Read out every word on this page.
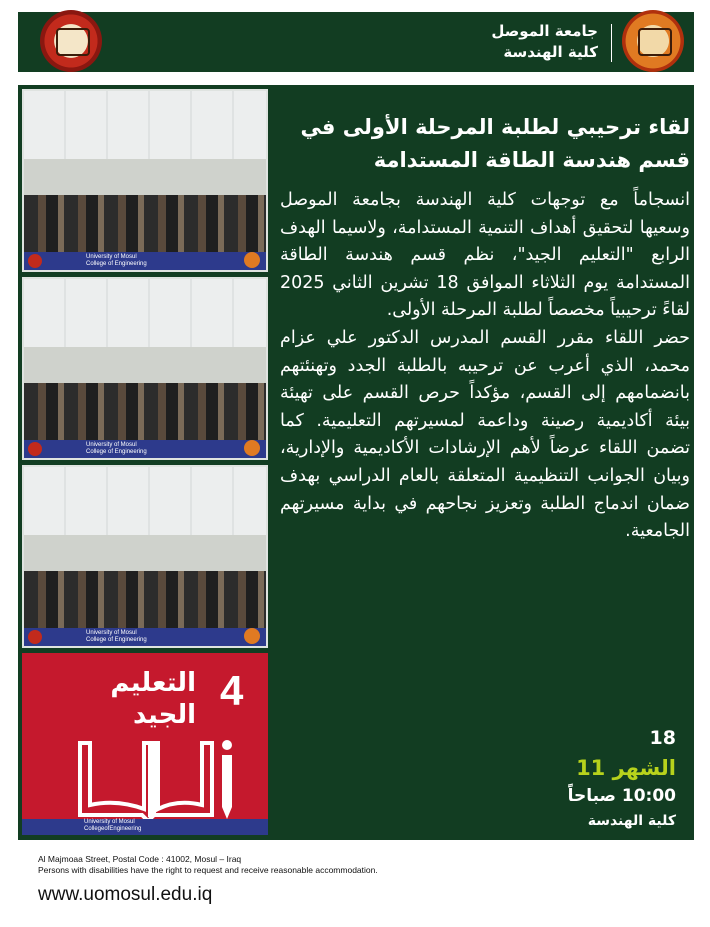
جامعة الموصل
كلية الهندسة
University of Mosul
College of Engineering
University of Mosul
College of Engineering
University of Mosul
College of Engineering
4
التعليم
الجيد
University of Mosul
CollegeofEngineering

لقاء ترحيبي لطلبة المرحلة الأولى في قسم هندسة الطاقة المستدامة

انسجاماً مع توجهات كلية الهندسة بجامعة الموصل وسعيها لتحقيق أهداف التنمية المستدامة، ولاسيما الهدف الرابع "التعليم الجيد"، نظم قسم هندسة الطاقة المستدامة يوم الثلاثاء الموافق 18 تشرين الثاني 2025 لقاءً ترحيبياً مخصصاً لطلبة المرحلة الأولى.

حضر اللقاء مقرر القسم المدرس الدكتور علي عزام محمد، الذي أعرب عن ترحيبه بالطلبة الجدد وتهنئتهم بانضمامهم إلى القسم، مؤكداً حرص القسم على تهيئة بيئة أكاديمية رصينة وداعمة لمسيرتهم التعليمية. كما تضمن اللقاء عرضاً لأهم الإرشادات الأكاديمية والإدارية، وبيان الجوانب التنظيمية المتعلقة بالعام الدراسي بهدف ضمان اندماج الطلبة وتعزيز نجاحهم في بداية مسيرتهم الجامعية.

18
الشهر 11
10:00 صباحاً
كلية الهندسة
Al Majmoaa Street, Postal Code : 41002, Mosul – Iraq
Persons with disabilities have the right to request and receive reasonable accommodation.
www.uomosul.edu.iq
